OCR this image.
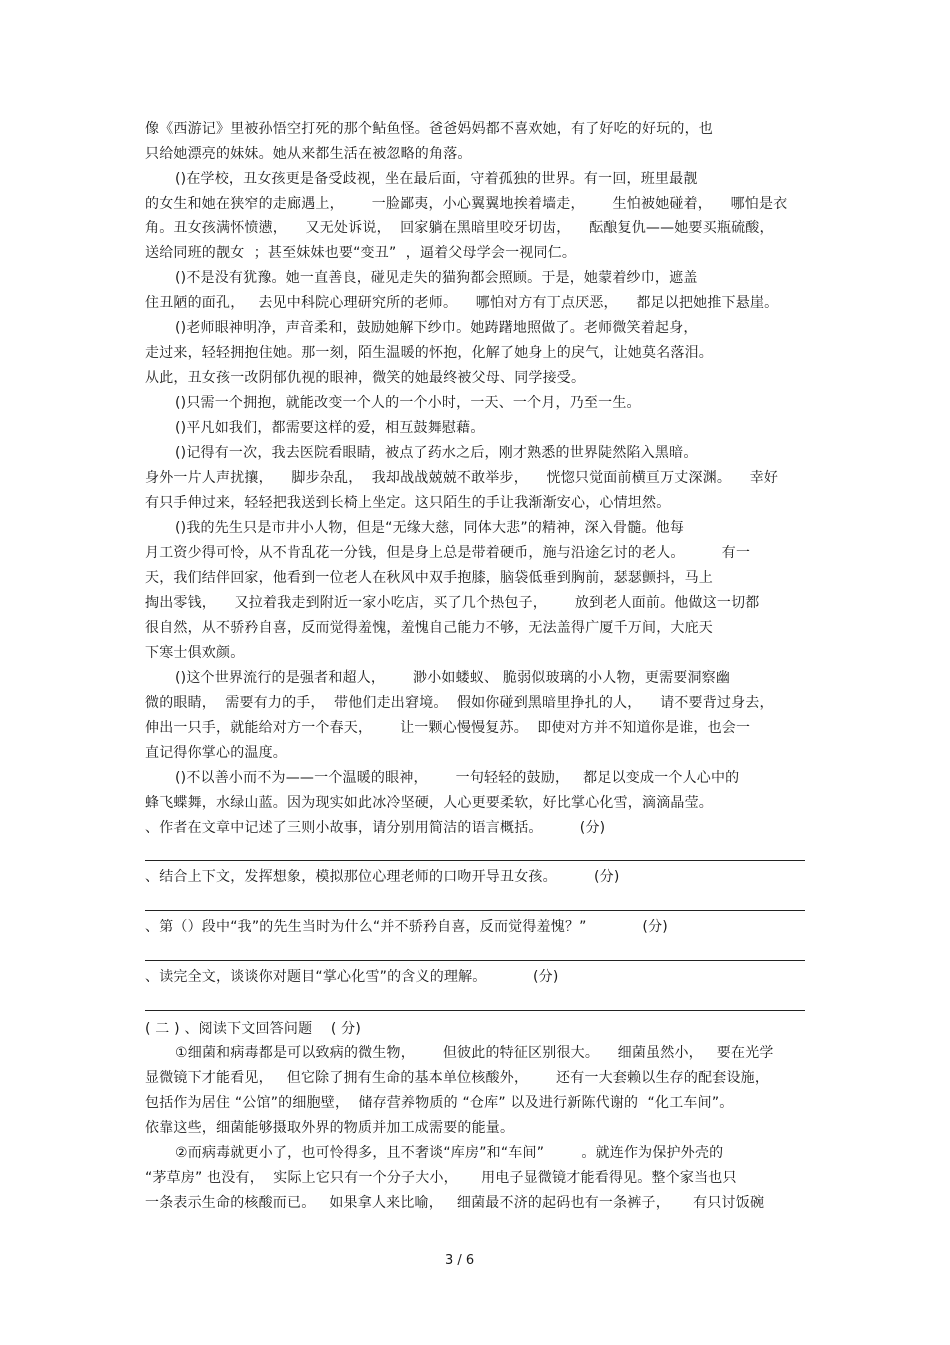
像《西游记》里被孙悟空打死的那个鲇鱼怪。爸爸妈妈都不喜欢她，有了好吃的好玩的，也
只给她漂亮的妹妹。她从来都生活在被忽略的角落。
()在学校，丑女孩更是备受歧视，坐在最后面，守着孤独的世界。有一回，班里最靓
的女生和她在狭窄的走廊遇上，      一脸鄙夷，小心翼翼地挨着墙走，      生怕被她碰着，    哪怕是衣
角。丑女孩满怀愤懑，    又无处诉说，  回家躺在黑暗里咬牙切齿，    酝酿复仇——她要买瓶硫酸，
送给同班的靓女  ；甚至妹妹也要“变丑”  ，逼着父母学会一视同仁。
()不是没有犹豫。她一直善良，碰见走失的猫狗都会照顾。于是，她蒙着纱巾，遮盖
住丑陋的面孔，   去见中科院心理研究所的老师。    哪怕对方有丁点厌恶，    都足以把她推下悬崖。
()老师眼神明净，声音柔和，鼓励她解下纱巾。她踌躇地照做了。老师微笑着起身，
走过来，轻轻拥抱住她。那一刻，陌生温暖的怀抱，化解了她身上的戾气，让她莫名落泪。
从此，丑女孩一改阴郁仇视的眼神，微笑的她最终被父母、同学接受。
()只需一个拥抱，就能改变一个人的一个小时，一天、一个月，乃至一生。
()平凡如我们，都需要这样的爱，相互鼓舞慰藉。
()记得有一次，我去医院看眼睛，被点了药水之后，刚才熟悉的世界陡然陷入黑暗。
身外一片人声扰攘，    脚步杂乱，  我却战战兢兢不敢举步，    恍惚只觉面前横亘万丈深渊。    幸好
有只手伸过来，轻轻把我送到长椅上坐定。这只陌生的手让我渐渐安心，心情坦然。
()我的先生只是市井小人物，但是“无缘大慈，同体大悲”的精神，深入骨髓。他每
月工资少得可怜，从不肯乱花一分钱，但是身上总是带着硬币，施与沿途乞讨的老人。        有一
天，我们结伴回家，他看到一位老人在秋风中双手抱膝，脑袋低垂到胸前，瑟瑟颤抖，马上
掏出零钱，    又拉着我走到附近一家小吃店，买了几个热包子，      放到老人面前。他做这一切都
很自然，从不骄矜自喜，反而觉得羞愧，羞愧自己能力不够，无法盖得广厦千万间，大庇天
下寒士俱欢颜。
()这个世界流行的是强者和超人，      渺小如蝼蚁、 脆弱似玻璃的小人物，更需要洞察幽
微的眼睛，  需要有力的手，  带他们走出窘境。  假如你碰到黑暗里挣扎的人，    请不要背过身去，
伸出一只手，就能给对方一个春天，      让一颗心慢慢复苏。  即使对方并不知道你是谁，也会一
直记得你掌心的温度。
()不以善小而不为——一个温暖的眼神，      一句轻轻的鼓励，   都足以变成一个人心中的
蜂飞蝶舞，水绿山蓝。因为现实如此冰冷坚硬，人心更要柔软，好比掌心化雪，滴滴晶莹。
、作者在文章中记述了三则小故事，请分别用简洁的语言概括。        (分)
、结合上下文，发挥想象，模拟那位心理老师的口吻开导丑女孩。        (分)
、第（）段中“我”的先生当时为什么“并不骄矜自喜，反而觉得羞愧？”            (分)
、读完全文，谈谈你对题目“掌心化雪”的含义的理解。          (分)
( 二 ) 、阅读下文回答问题    ( 分)
①细菌和病毒都是可以致病的微生物，      但彼此的特征区别很大。    细菌虽然小，   要在光学
显微镜下才能看见，   但它除了拥有生命的基本单位核酸外，      还有一大套赖以生存的配套设施，
包括作为居住 “公馆”的细胞壁，  储存营养物质的 “仓库” 以及进行新陈代谢的  “化工车间”。
依靠这些，细菌能够摄取外界的物质并加工成需要的能量。
②而病毒就更小了，也可怜得多，且不奢谈“库房”和“车间”        。就连作为保护外壳的
“茅草房” 也没有，  实际上它只有一个分子大小，     用电子显微镜才能看得见。整个家当也只
一条表示生命的核酸而已。   如果拿人来比喻，   细菌最不济的起码也有一条裤子，     有只讨饭碗
3 / 6
